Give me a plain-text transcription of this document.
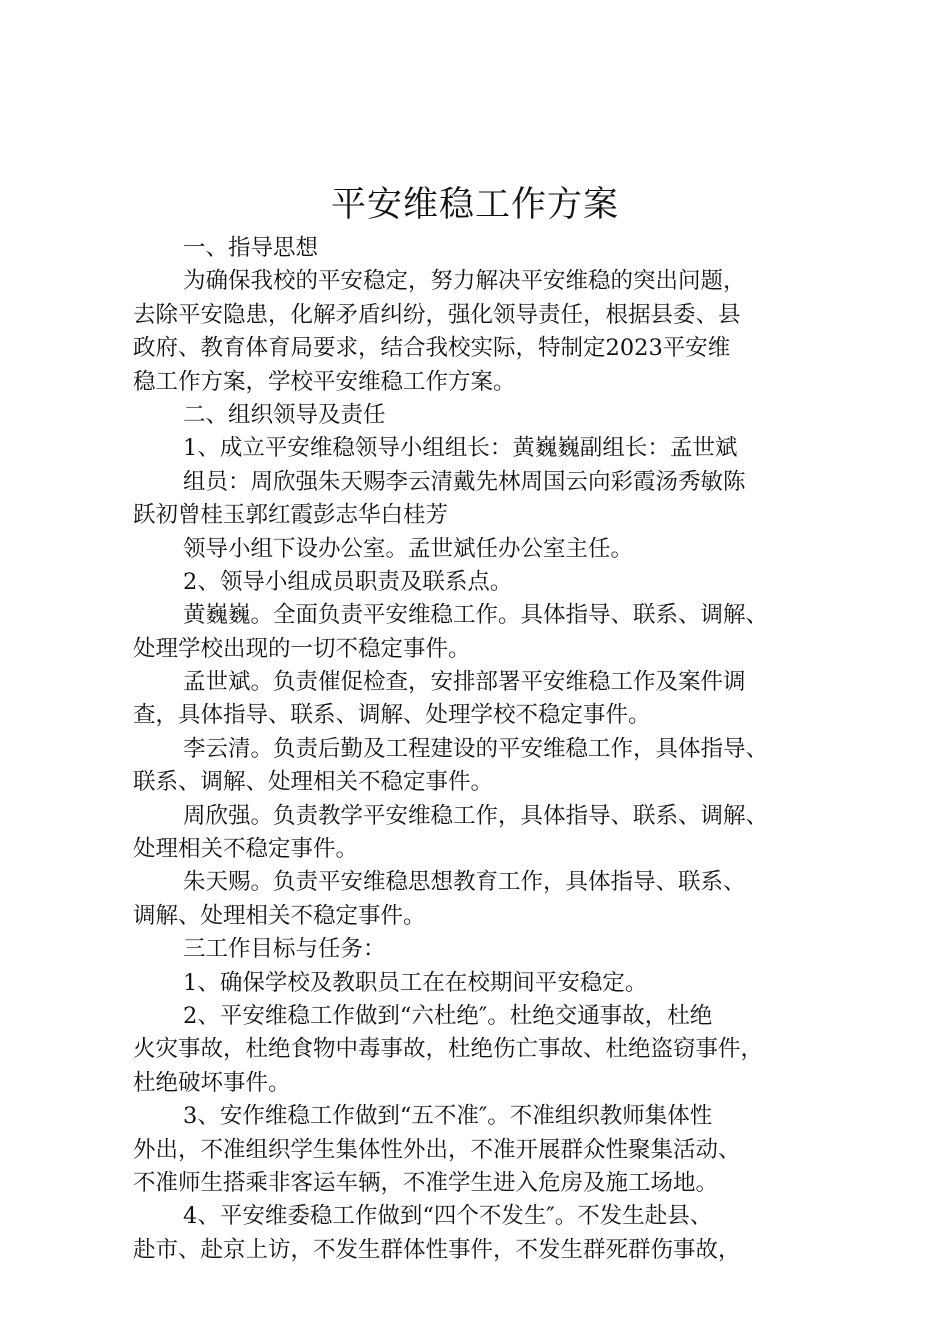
平安维稳工作方案
一、指导思想
为确保我校的平安稳定，努力解决平安维稳的突出问题，
去除平安隐患，化解矛盾纠纷，强化领导责任，根据县委、县
政府、教育体育局要求，结合我校实际，特制定2023平安维
稳工作方案，学校平安维稳工作方案。
二、组织领导及责任
1、成立平安维稳领导小组组长：黄巍巍副组长：孟世斌
组员：周欣强朱天赐李云清戴先林周国云向彩霞汤秀敏陈
跃初曾桂玉郭红霞彭志华白桂芳
领导小组下设办公室。孟世斌任办公室主任。
2、领导小组成员职责及联系点。
黄巍巍。全面负责平安维稳工作。具体指导、联系、调解、
处理学校出现的一切不稳定事件。
孟世斌。负责催促检查，安排部署平安维稳工作及案件调
查，具体指导、联系、调解、处理学校不稳定事件。
李云清。负责后勤及工程建设的平安维稳工作，具体指导、
联系、调解、处理相关不稳定事件。
周欣强。负责教学平安维稳工作，具体指导、联系、调解、
处理相关不稳定事件。
朱天赐。负责平安维稳思想教育工作，具体指导、联系、
调解、处理相关不稳定事件。
三工作目标与任务：
1、确保学校及教职员工在在校期间平安稳定。
2、平安维稳工作做到“六杜绝″。杜绝交通事故，杜绝
火灾事故，杜绝食物中毒事故，杜绝伤亡事故、杜绝盗窃事件，
杜绝破坏事件。
3、安作维稳工作做到“五不准″。不准组织教师集体性
外出，不准组织学生集体性外出，不准开展群众性聚集活动、
不准师生搭乘非客运车辆，不准学生进入危房及施工场地。
4、平安维委稳工作做到“四个不发生″。不发生赴县、
赴市、赴京上访，不发生群体性事件，不发生群死群伤事故，
